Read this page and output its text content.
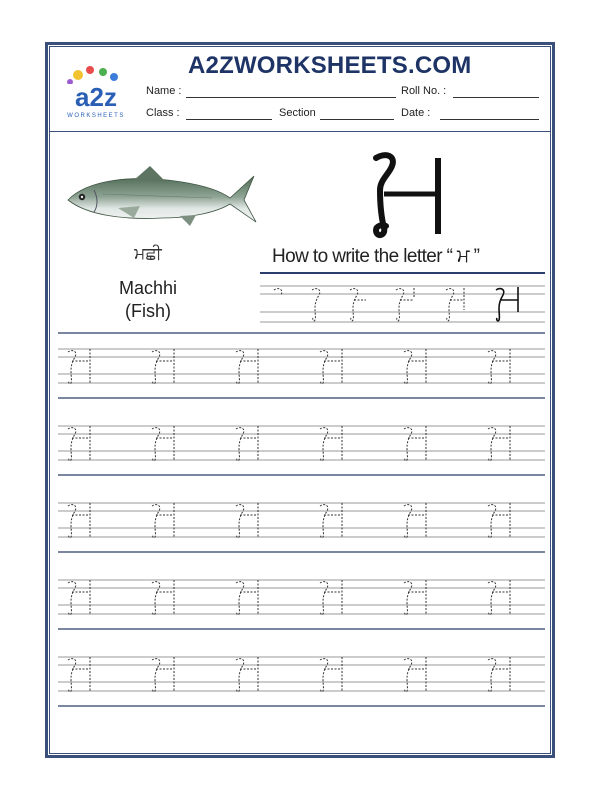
a2z
WORKSHEETS
A2ZWORKSHEETS.COM
Name :	Roll No. :
Class :	Section	Date :
ਮਛੀ
Machhi
(Fish)
How to write the letter “ ਮ ”
